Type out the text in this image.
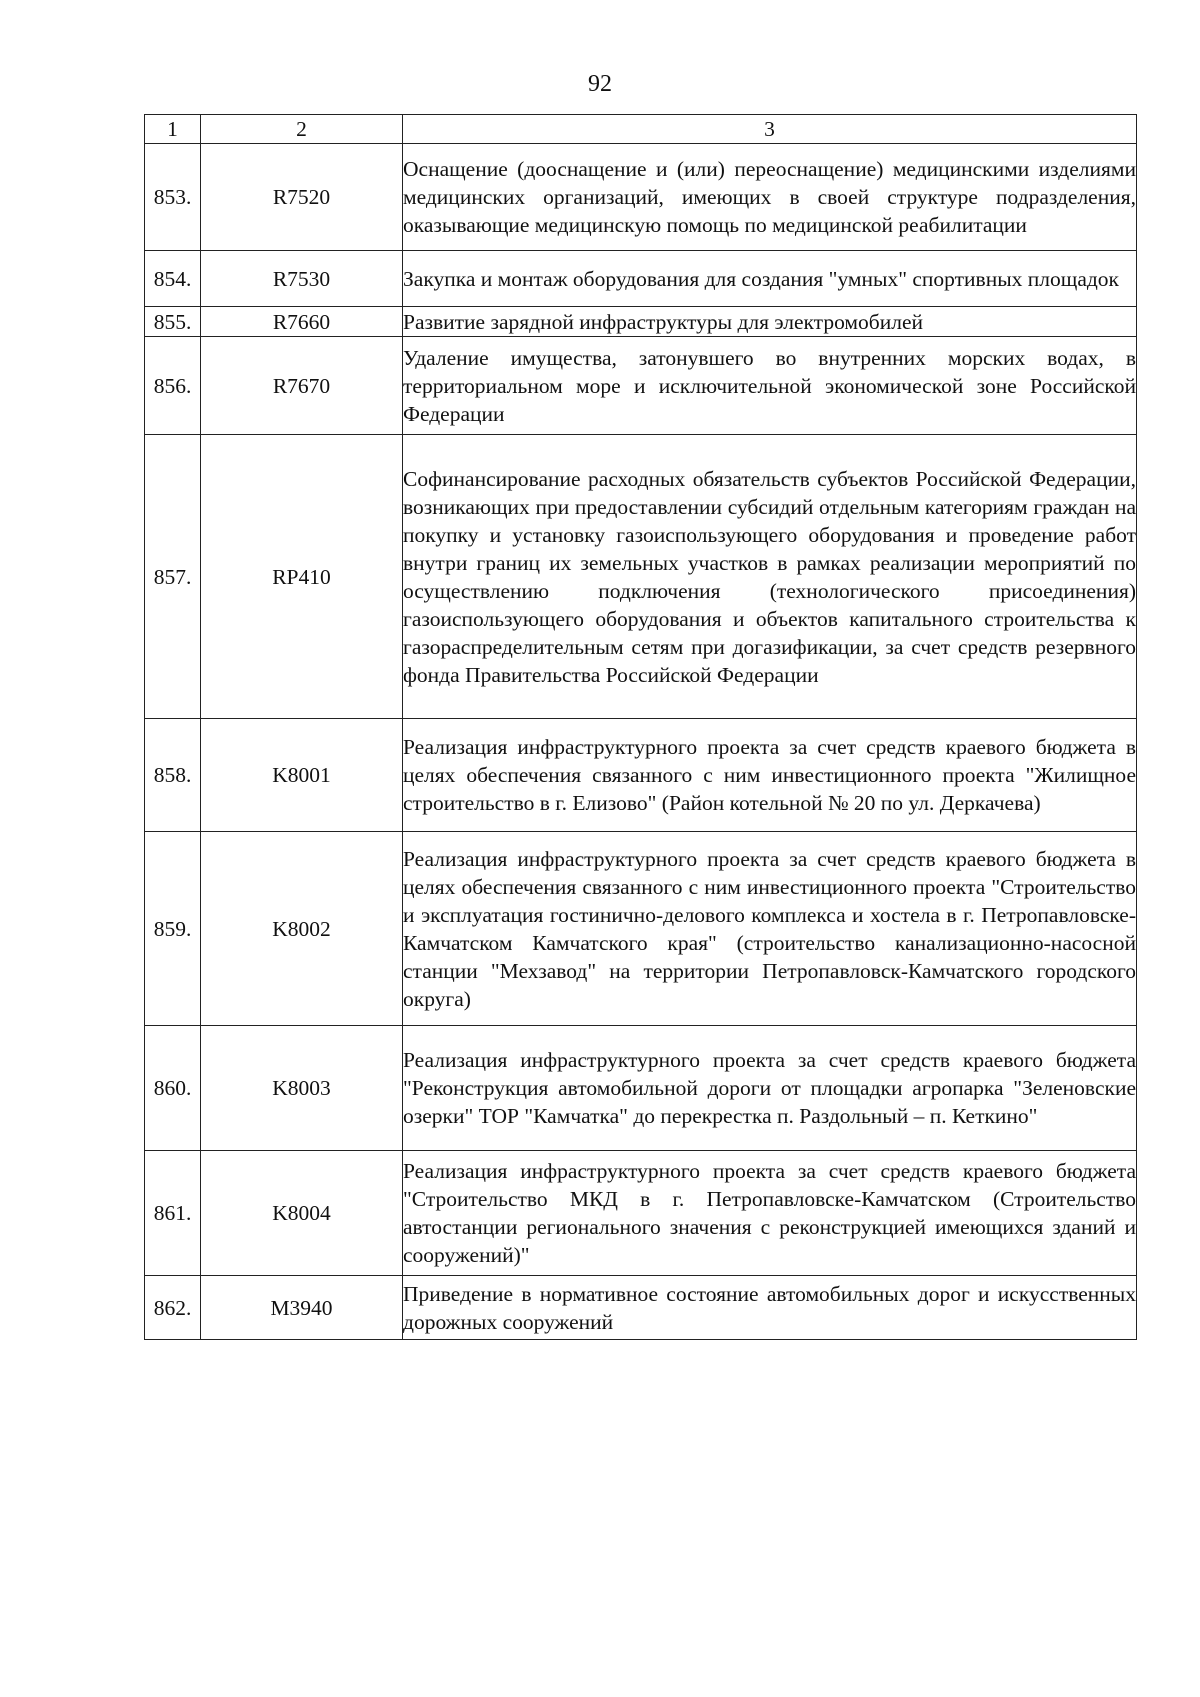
92
1	2	3
853.	R7520	Оснащение (дооснащение и (или) переоснащение) медицинскими изделиями медицинских организаций, имеющих в своей структуре подразделения, оказывающие медицинскую помощь по медицинской реабилитации

854.	R7530	Закупка и монтаж оборудования для создания "умных" спортивных площадок

855.	R7660	Развитие зарядной инфраструктуры для электромобилей

856.	R7670	Удаление имущества, затонувшего во внутренних морских водах, в территориальном море и исключительной экономической зоне Российской Федерации

857.	RP410	Софинансирование расходных обязательств субъектов Российской Федерации, возникающих при предоставлении субсидий отдельным категориям граждан на покупку и установку газоиспользующего оборудования и проведение работ внутри границ их земельных участков в рамках реализации мероприятий по осуществлению подключения (технологического присоединения) газоиспользующего оборудования и объектов капитального строительства к газораспределительным сетям при догазификации, за счет средств резервного фонда Правительства Российской Федерации

858.	K8001	Реализация инфраструктурного проекта за счет средств краевого бюджета в целях обеспечения связанного с ним инвестиционного проекта "Жилищное строительство в г. Елизово" (Район котельной № 20 по ул. Деркачева)

859.	K8002	Реализация инфраструктурного проекта за счет средств краевого бюджета в целях обеспечения связанного с ним инвестиционного проекта "Строительство и эксплуатация гостинично-делового комплекса и хостела в г. Петропавловске-Камчатском Камчатского края" (строительство канализационно-насосной станции "Мехзавод" на территории Петропавловск-Камчатского городского округа)

860.	K8003	Реализация инфраструктурного проекта за счет средств краевого бюджета "Реконструкция автомобильной дороги от площадки агропарка "Зеленовские озерки" ТОР "Камчатка" до перекрестка п. Раздольный – п. Кеткино"

861.	K8004	Реализация инфраструктурного проекта за счет средств краевого бюджета "Строительство МКД в г. Петропавловске-Камчатском (Строительство автостанции регионального значения с реконструкцией имеющихся зданий и сооружений)"

862.	M3940	Приведение в нормативное состояние автомобильных дорог и искусственных дорожных сооружений
